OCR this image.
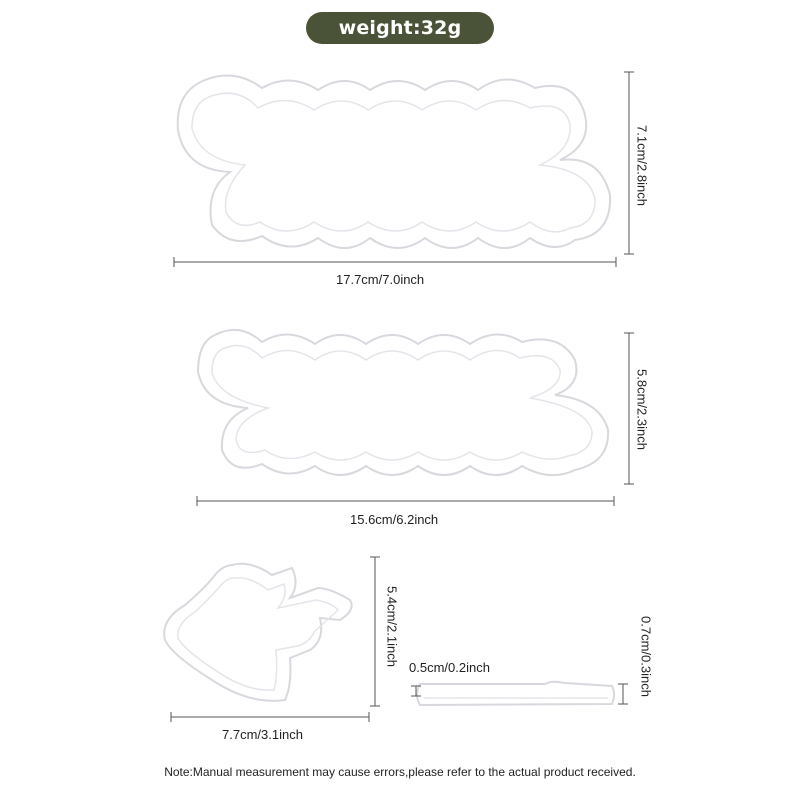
weight:32g
17.7cm/7.0inch
7.1cm/2.8inch
15.6cm/6.2inch
5.8cm/2.3inch
7.7cm/3.1inch
5.4cm/2.1inch
0.5cm/0.2inch	0.7cm/0.3inch
Note:Manual measurement may cause errors,please refer to the actual product received.
